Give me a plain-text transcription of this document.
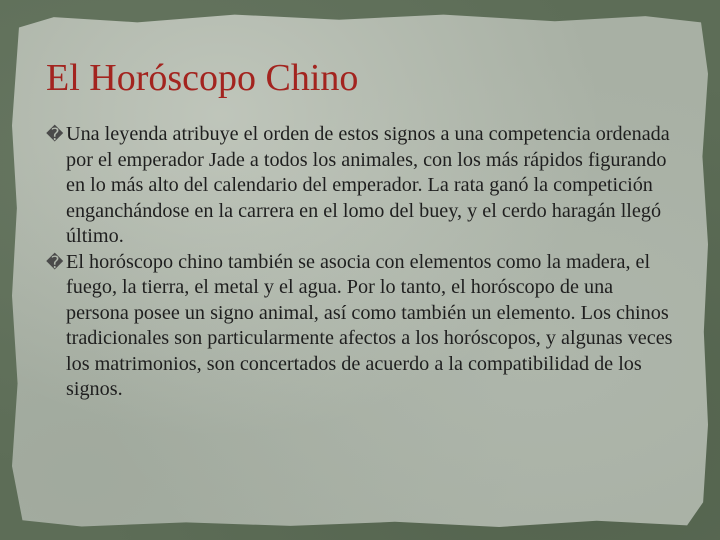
El Horóscopo Chino
� Una leyenda atribuye el orden de estos signos a una competencia ordenada por el emperador Jade a todos los animales, con los más rápidos figurando en lo más alto del calendario del emperador. La rata ganó la competición enganchándose en la carrera en el lomo del buey, y el cerdo haragán llegó último.
� El horóscopo chino también se asocia con elementos como la madera, el fuego, la tierra, el metal y el agua. Por lo tanto, el horóscopo de una persona posee un signo animal, así como también un elemento. Los chinos tradicionales son particularmente afectos a los horóscopos, y algunas veces los matrimonios, son concertados de acuerdo a la compatibilidad de los signos.
